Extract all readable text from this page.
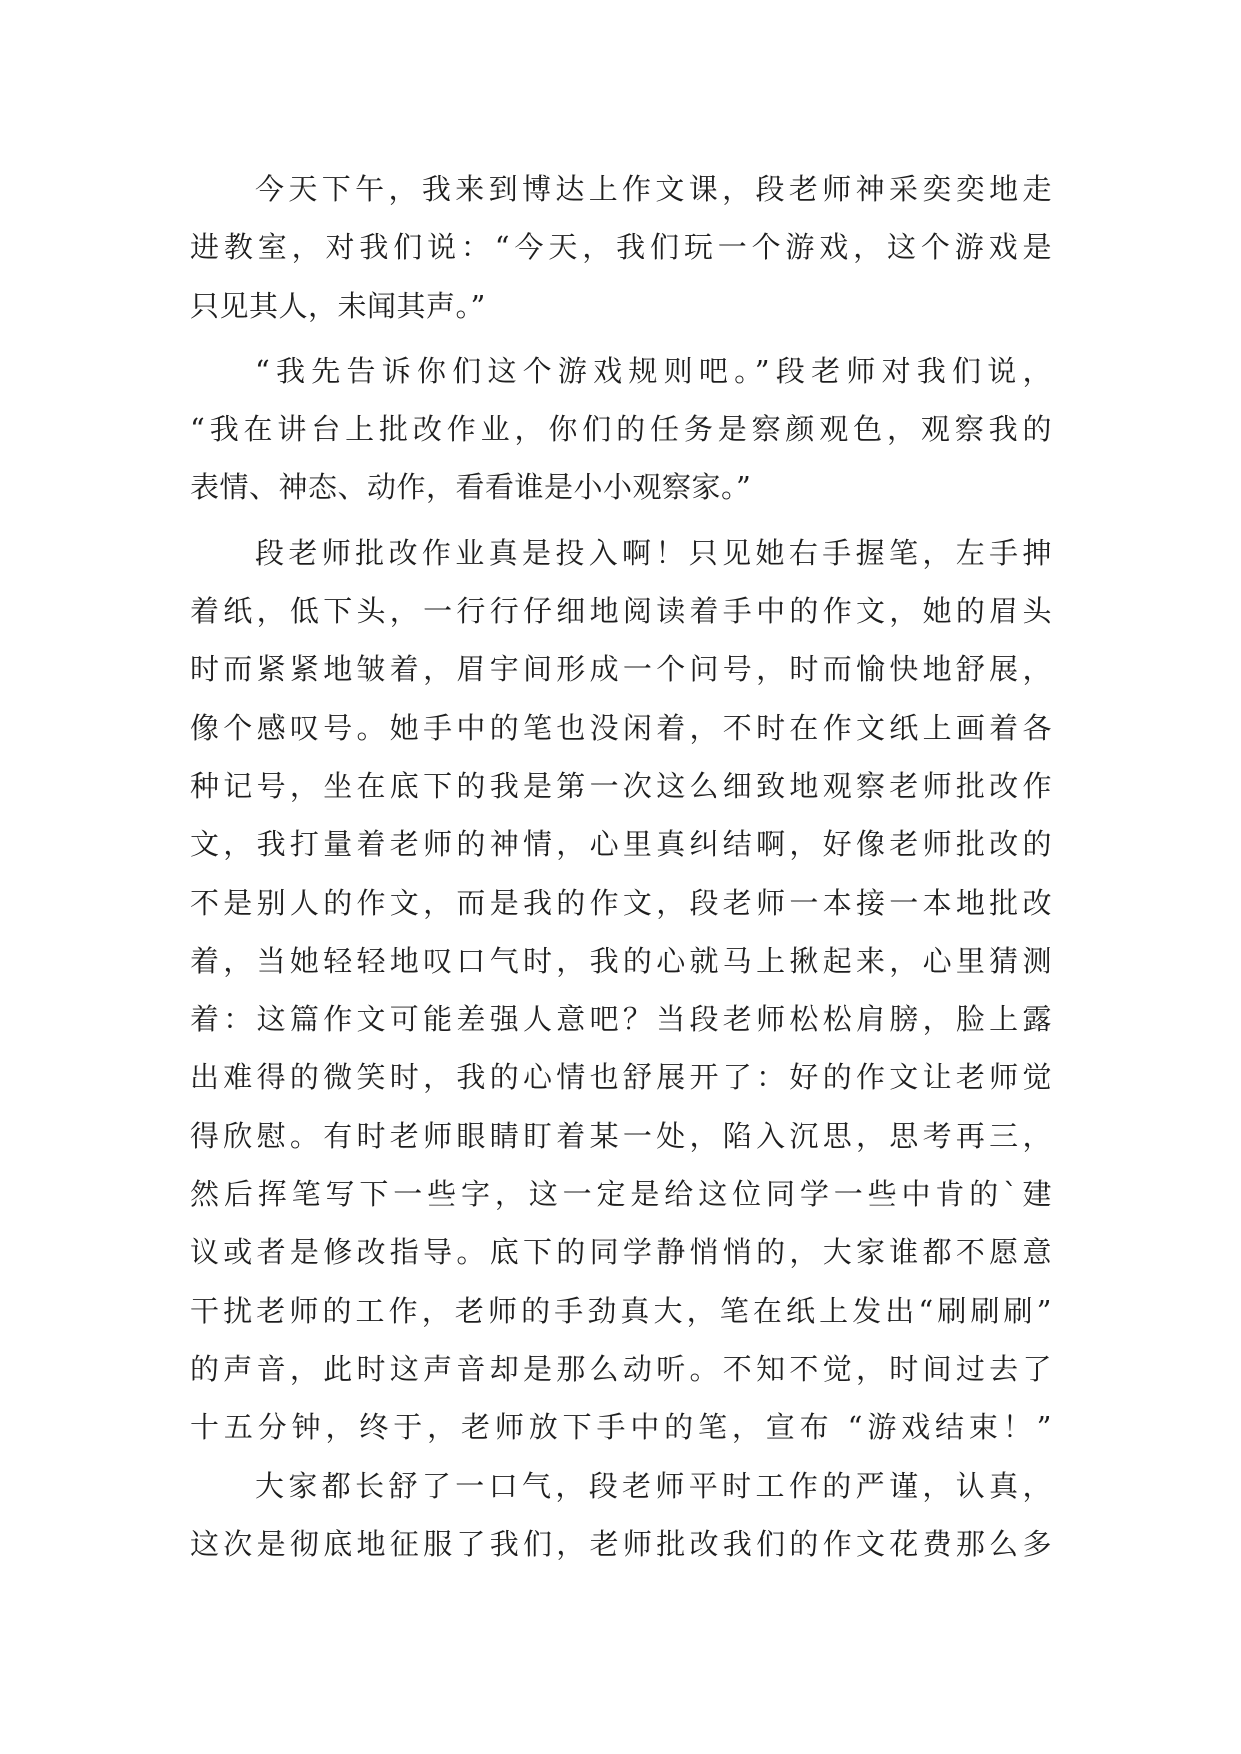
今天下午，我来到博达上作文课，段老师神采奕奕地走
进教室，对我们说：“今天，我们玩一个游戏，这个游戏是
只见其人，未闻其声。”
“我先告诉你们这个游戏规则吧。”段老师对我们说，
“我在讲台上批改作业，你们的任务是察颜观色，观察我的
表情、神态、动作，看看谁是小小观察家。”
段老师批改作业真是投入啊！只见她右手握笔，左手抻
着纸，低下头，一行行仔细地阅读着手中的作文，她的眉头
时而紧紧地皱着，眉宇间形成一个问号，时而愉快地舒展，
像个感叹号。她手中的笔也没闲着，不时在作文纸上画着各
种记号，坐在底下的我是第一次这么细致地观察老师批改作
文，我打量着老师的神情，心里真纠结啊，好像老师批改的
不是别人的作文，而是我的作文，段老师一本接一本地批改
着，当她轻轻地叹口气时，我的心就马上揪起来，心里猜测
着：这篇作文可能差强人意吧？当段老师松松肩膀，脸上露
出难得的微笑时，我的心情也舒展开了：好的作文让老师觉
得欣慰。有时老师眼睛盯着某一处，陷入沉思，思考再三，
然后挥笔写下一些字，这一定是给这位同学一些中肯的`建
议或者是修改指导。底下的同学静悄悄的，大家谁都不愿意
干扰老师的工作，老师的手劲真大，笔在纸上发出“刷刷刷”
的声音，此时这声音却是那么动听。不知不觉，时间过去了
十五分钟，终于，老师放下手中的笔，宣布 “游戏结束！”
大家都长舒了一口气，段老师平时工作的严谨，认真，
这次是彻底地征服了我们，老师批改我们的作文花费那么多
